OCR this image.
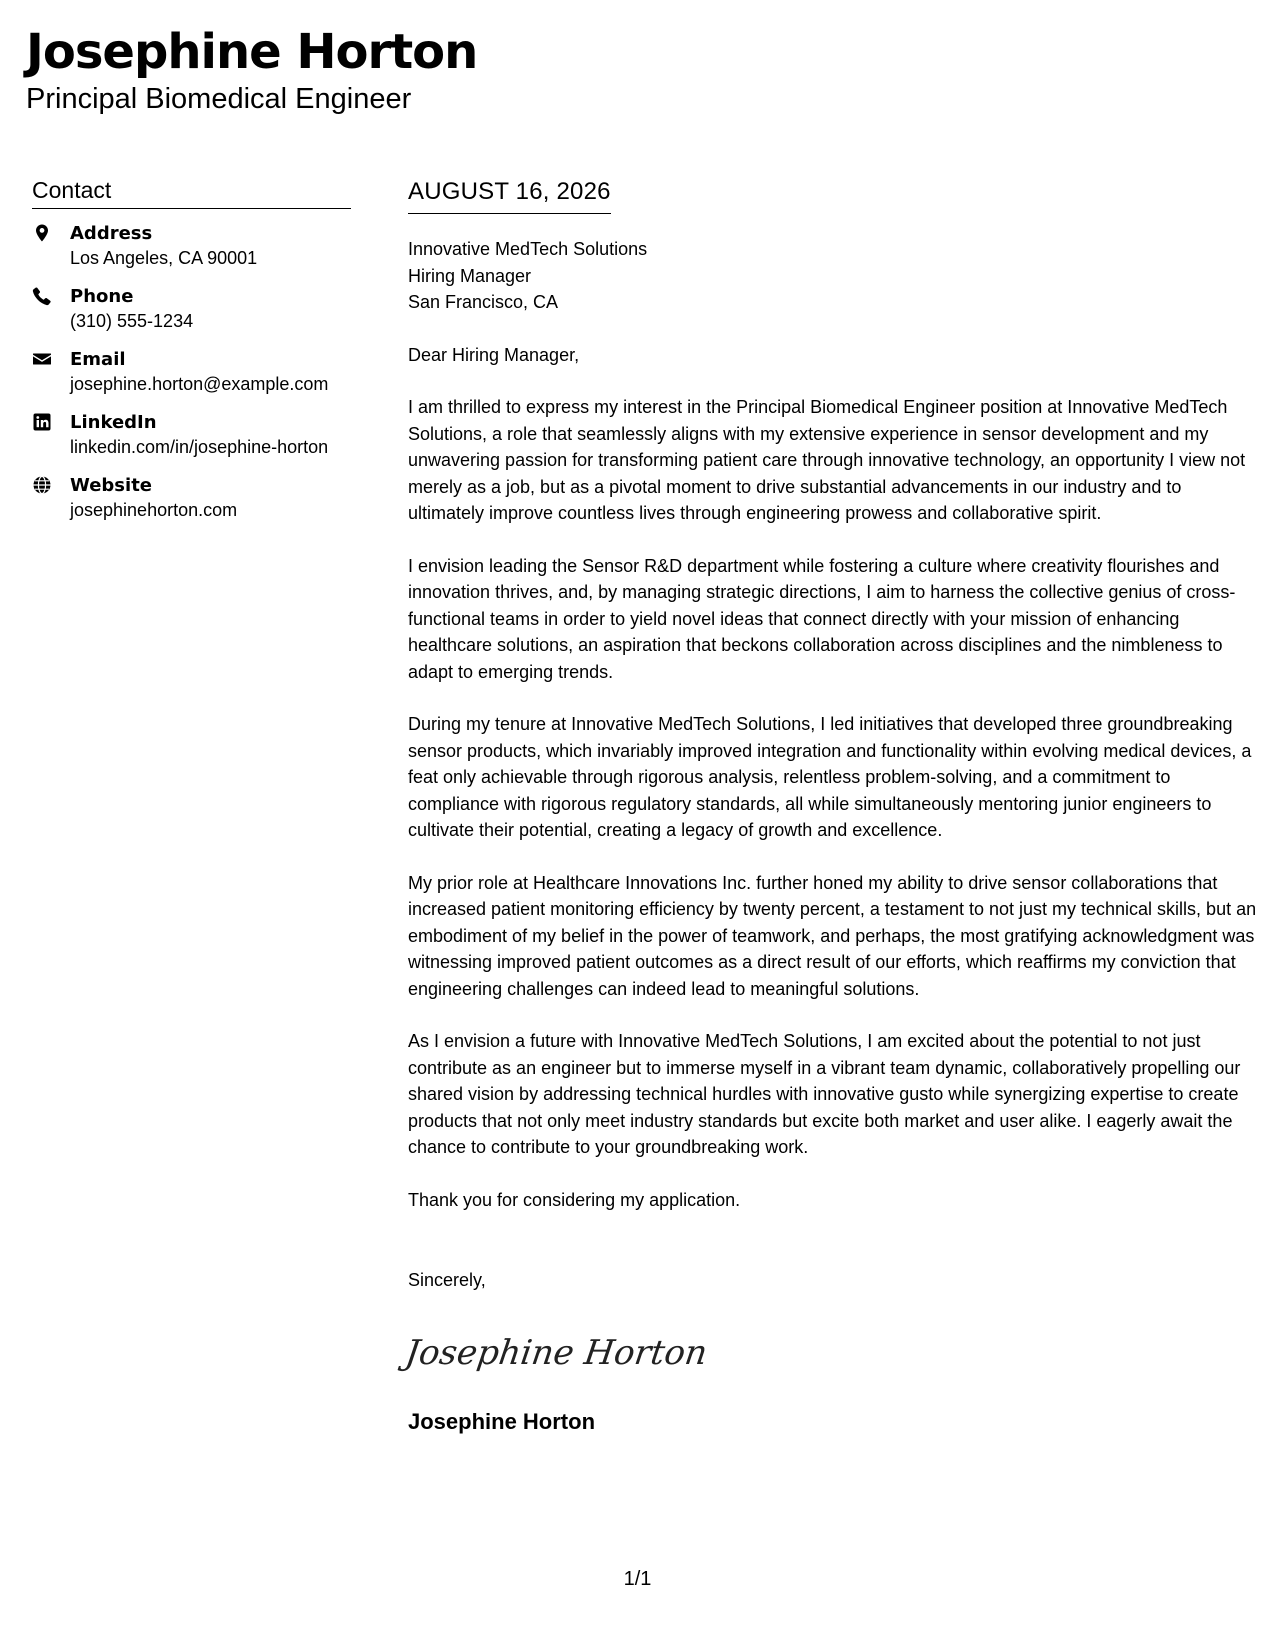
Josephine Horton
Principal Biomedical Engineer
Contact
Address
Los Angeles, CA 90001
Phone
(310) 555-1234
Email
josephine.horton@example.com
LinkedIn
linkedin.com/in/josephine-horton
Website
josephinehorton.com
AUGUST 16, 2026
Innovative MedTech Solutions
Hiring Manager
San Francisco, CA
Dear Hiring Manager,

I am thrilled to express my interest in the Principal Biomedical Engineer position at Innovative MedTech Solutions, a role that seamlessly aligns with my extensive experience in sensor development and my unwavering passion for transforming patient care through innovative technology, an opportunity I view not merely as a job, but as a pivotal moment to drive substantial advancements in our industry and to ultimately improve countless lives through engineering prowess and collaborative spirit.

I envision leading the Sensor R&D department while fostering a culture where creativity flourishes and innovation thrives, and, by managing strategic directions, I aim to harness the collective genius of cross-functional teams in order to yield novel ideas that connect directly with your mission of enhancing healthcare solutions, an aspiration that beckons collaboration across disciplines and the nimbleness to adapt to emerging trends.

During my tenure at Innovative MedTech Solutions, I led initiatives that developed three groundbreaking sensor products, which invariably improved integration and functionality within evolving medical devices, a feat only achievable through rigorous analysis, relentless problem-solving, and a commitment to compliance with rigorous regulatory standards, all while simultaneously mentoring junior engineers to cultivate their potential, creating a legacy of growth and excellence.

My prior role at Healthcare Innovations Inc. further honed my ability to drive sensor collaborations that increased patient monitoring efficiency by twenty percent, a testament to not just my technical skills, but an embodiment of my belief in the power of teamwork, and perhaps, the most gratifying acknowledgment was witnessing improved patient outcomes as a direct result of our efforts, which reaffirms my conviction that engineering challenges can indeed lead to meaningful solutions.

As I envision a future with Innovative MedTech Solutions, I am excited about the potential to not just contribute as an engineer but to immerse myself in a vibrant team dynamic, collaboratively propelling our shared vision by addressing technical hurdles with innovative gusto while synergizing expertise to create products that not only meet industry standards but excite both market and user alike. I eagerly await the chance to contribute to your groundbreaking work.

Thank you for considering my application.

Sincerely,
Josephine Horton
Josephine Horton
1/1
